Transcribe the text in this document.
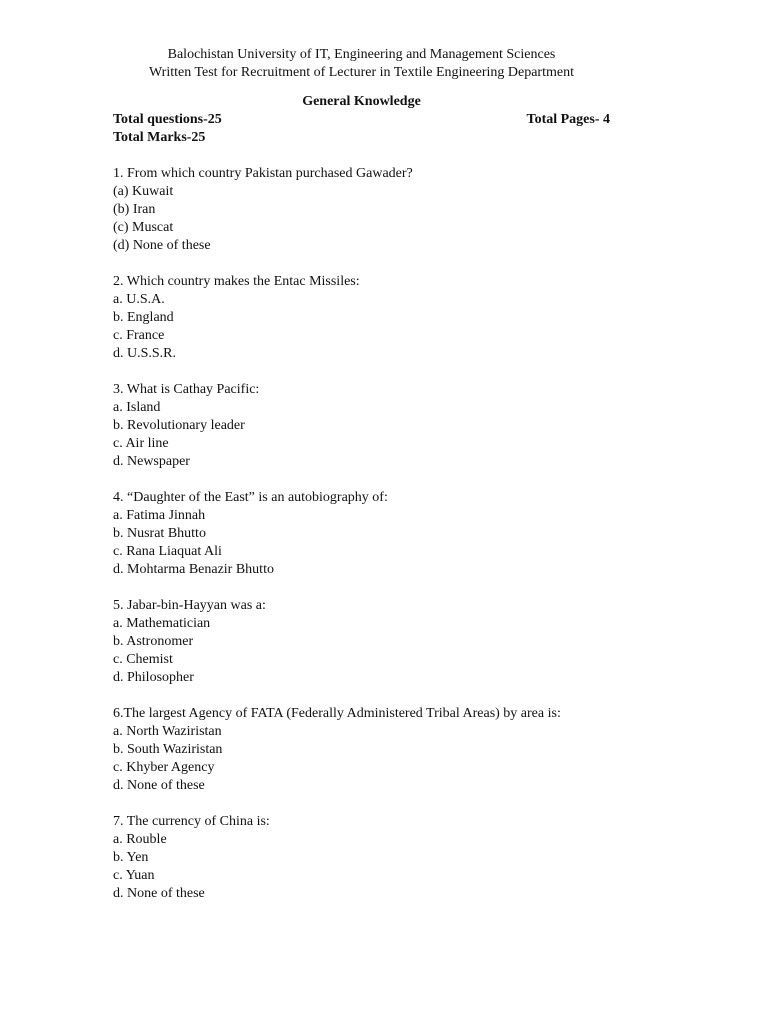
Balochistan University of IT, Engineering and Management Sciences
Written Test for Recruitment of Lecturer in Textile Engineering Department
General Knowledge
Total questions-25	Total Pages- 4
Total Marks-25
1. From which country Pakistan purchased Gawader?
(a) Kuwait
(b) Iran
(c) Muscat
(d) None of these
2. Which country makes the Entac Missiles:
a. U.S.A.
b. England
c. France
d. U.S.S.R.
3. What is Cathay Pacific:
a. Island
b. Revolutionary leader
c. Air line
d. Newspaper
4. “Daughter of the East” is an autobiography of:
a. Fatima Jinnah
b. Nusrat Bhutto
c. Rana Liaquat Ali
d. Mohtarma Benazir Bhutto
5. Jabar-bin-Hayyan was a:
a. Mathematician
b. Astronomer
c. Chemist
d. Philosopher
6.The largest Agency of FATA (Federally Administered Tribal Areas) by area is:
a. North Waziristan
b. South Waziristan
c. Khyber Agency
d. None of these
7. The currency of China is:
a. Rouble
b. Yen
c. Yuan
d. None of these
